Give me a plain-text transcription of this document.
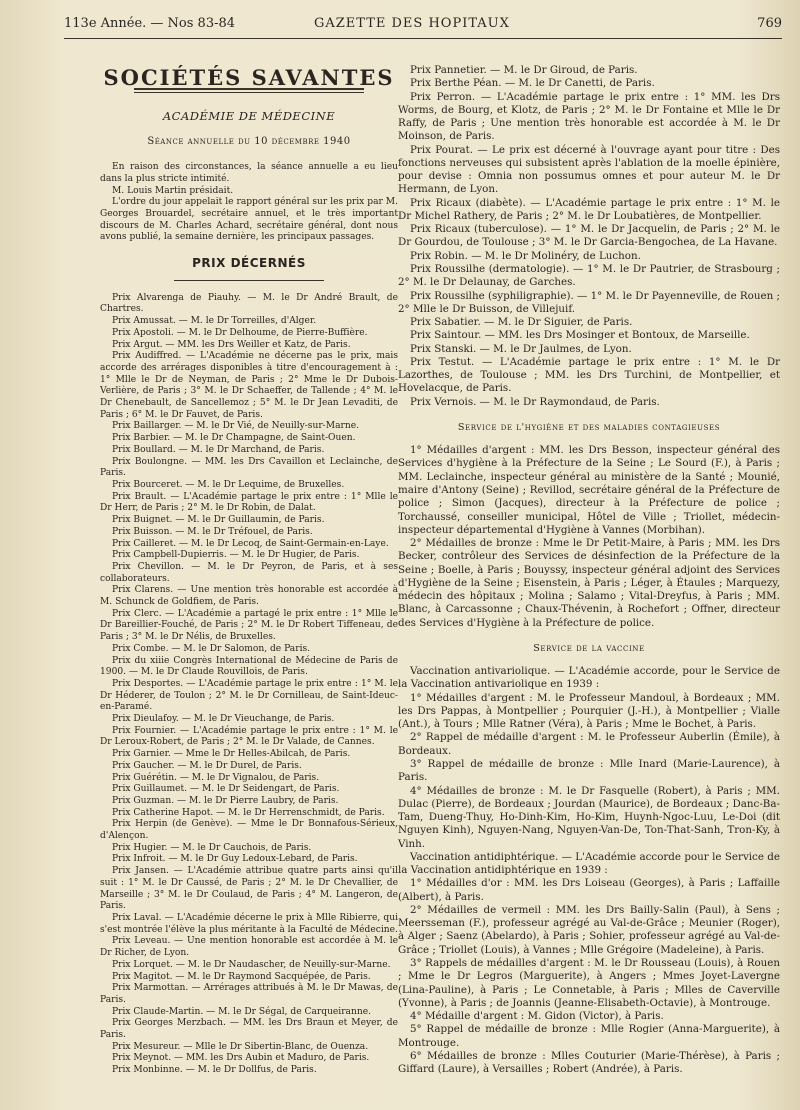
113e Année. — Nos 83-84	GAZETTE DES HOPITAUX	769
SOCIÉTÉS SAVANTES
ACADÉMIE DE MÉDECINE
Séance annuelle du 10 décembre 1940

En raison des circonstances, la séance annuelle a eu lieu dans la plus stricte intimité.

M. Louis Martin présidait.

L'ordre du jour appelait le rapport général sur les prix par M. Georges Brouardel, secrétaire annuel, et le très important discours de M. Charles Achard, secrétaire général, dont nous avons publié, la semaine dernière, les principaux passages.

PRIX DÉCERNÉS

Prix Alvarenga de Piauhy. — M. le Dr André Brault, de Chartres.

Prix Amussat. — M. le Dr Torreilles, d'Alger.

Prix Apostoli. — M. le Dr Delhoume, de Pierre-Buffière.

Prix Argut. — MM. les Drs Weiller et Katz, de Paris.

Prix Audiffred. — L'Académie ne décerne pas le prix, mais accorde des arrérages disponibles à titre d'encouragement à : 1° Mlle le Dr de Neyman, de Paris ; 2° Mme le Dr Dubois-Verlière, de Paris ; 3° M. le Dr Schaeffer, de Tallende ; 4° M. le Dr Chenebault, de Sancellemoz ; 5° M. le Dr Jean Levaditi, de Paris ; 6° M. le Dr Fauvet, de Paris.

Prix Baillarger. — M. le Dr Vié, de Neuilly-sur-Marne.

Prix Barbier. — M. le Dr Champagne, de Saint-Ouen.

Prix Boullard. — M. le Dr Marchand, de Paris.

Prix Boulongne. — MM. les Drs Cavaillon et Leclainche, de Paris.

Prix Bourceret. — M. le Dr Lequime, de Bruxelles.

Prix Brault. — L'Académie partage le prix entre : 1° Mlle le Dr Herr, de Paris ; 2° M. le Dr Robin, de Dalat.

Prix Buignet. — M. le Dr Guillaumin, de Paris.

Prix Buisson. — M. le Dr Tréfouel, de Paris.

Prix Cailleret. — M. le Dr Lecoq, de Saint-Germain-en-Laye.

Prix Campbell-Dupierris. — M. le Dr Hugier, de Paris.

Prix Chevillon. — M. le Dr Peyron, de Paris, et à ses collaborateurs.

Prix Clarens. — Une mention très honorable est accordée à M. Schunck de Goldfiem, de Paris.

Prix Clerc. — L'Académie a partagé le prix entre : 1° Mlle le Dr Bareillier-Fouché, de Paris ; 2° M. le Dr Robert Tiffeneau, de Paris ; 3° M. le Dr Nélis, de Bruxelles.

Prix Combe. — M. le Dr Salomon, de Paris.

Prix du xiiie Congrès International de Médecine de Paris de 1900. — M. le Dr Claude Rouvillois, de Paris.

Prix Desportes. — L'Académie partage le prix entre : 1° M. le Dr Héderer, de Toulon ; 2° M. le Dr Cornilleau, de Saint-Ideuc-en-Paramé.

Prix Dieulafoy. — M. le Dr Vieuchange, de Paris.

Prix Fournier. — L'Académie partage le prix entre : 1° M. le Dr Leroux-Robert, de Paris ; 2° M. le Dr Valade, de Cannes.

Prix Garnier. — Mme le Dr Helles-Abilcah, de Paris.

Prix Gaucher. — M. le Dr Durel, de Paris.

Prix Guérétin. — M. le Dr Vignalou, de Paris.

Prix Guillaumet. — M. le Dr Seidengart, de Paris.

Prix Guzman. — M. le Dr Pierre Laubry, de Paris.

Prix Catherine Hapot. — M. le Dr Herrenschmidt, de Paris.

Prix Herpin (de Genève). — Mme le Dr Bonnafous-Sérieux, d'Alençon.

Prix Hugier. — M. le Dr Cauchois, de Paris.

Prix Infroit. — M. le Dr Guy Ledoux-Lebard, de Paris.

Prix Jansen. — L'Académie attribue quatre parts ainsi qu'il suit : 1° M. le Dr Caussé, de Paris ; 2° M. le Dr Chevallier, de Marseille ; 3° M. le Dr Coulaud, de Paris ; 4° M. Langeron, de Paris.

Prix Laval. — L'Académie décerne le prix à Mlle Ribierre, qui s'est montrée l'élève la plus méritante à la Faculté de Médecine.

Prix Leveau. — Une mention honorable est accordée à M. le Dr Richer, de Lyon.

Prix Lorquet. — M. le Dr Naudascher, de Neuilly-sur-Marne.

Prix Magitot. — M. le Dr Raymond Sacquépée, de Paris.

Prix Marmottan. — Arrérages attribués à M. le Dr Mawas, de Paris.

Prix Claude-Martin. — M. le Dr Ségal, de Carqueiranne.

Prix Georges Merzbach. — MM. les Drs Braun et Meyer, de Paris.

Prix Mesureur. — Mlle le Dr Sibertin-Blanc, de Ouenza.

Prix Meynot. — MM. les Drs Aubin et Maduro, de Paris.

Prix Monbinne. — M. le Dr Dollfus, de Paris.

Prix Pannetier. — M. le Dr Giroud, de Paris.

Prix Berthe Péan. — M. le Dr Canetti, de Paris.

Prix Perron. — L'Académie partage le prix entre : 1° MM. les Drs Worms, de Bourg, et Klotz, de Paris ; 2° M. le Dr Fontaine et Mlle le Dr Raffy, de Paris ; Une mention très honorable est accordée à M. le Dr Moinson, de Paris.

Prix Pourat. — Le prix est décerné à l'ouvrage ayant pour titre : Des fonctions nerveuses qui subsistent après l'ablation de la moelle épinière, pour devise : Omnia non possumus omnes et pour auteur M. le Dr Hermann, de Lyon.

Prix Ricaux (diabète). — L'Académie partage le prix entre : 1° M. le Dr Michel Rathery, de Paris ; 2° M. le Dr Loubatières, de Montpellier.

Prix Ricaux (tuberculose). — 1° M. le Dr Jacquelin, de Paris ; 2° M. le Dr Gourdou, de Toulouse ; 3° M. le Dr Garcia-Bengochea, de La Havane.

Prix Robin. — M. le Dr Molinéry, de Luchon.

Prix Roussilhe (dermatologie). — 1° M. le Dr Pautrier, de Strasbourg ; 2° M. le Dr Delaunay, de Garches.

Prix Roussilhe (syphiligraphie). — 1° M. le Dr Payenneville, de Rouen ; 2° Mlle le Dr Buisson, de Villejuif.

Prix Sabatier. — M. le Dr Siguier, de Paris.

Prix Saintour. — MM. les Drs Mosinger et Bontoux, de Marseille.

Prix Stanski. — M. le Dr Jaulmes, de Lyon.

Prix Testut. — L'Académie partage le prix entre : 1° M. le Dr Lazorthes, de Toulouse ; MM. les Drs Turchini, de Montpellier, et Hovelacque, de Paris.

Prix Vernois. — M. le Dr Raymondaud, de Paris.

Service de l'hygiène et des maladies contagieuses

1° Médailles d'argent : MM. les Drs Besson, inspecteur général des Services d'hygiène à la Préfecture de la Seine ; Le Sourd (F.), à Paris ; MM. Leclainche, inspecteur général au ministère de la Santé ; Mounié, maire d'Antony (Seine) ; Revillod, secrétaire général de la Préfecture de police ; Simon (Jacques), directeur à la Préfecture de police ; Torchaussé, conseiller municipal, Hôtel de Ville ; Triollet, médecin-inspecteur départemental d'Hygiène à Vannes (Morbihan).

2° Médailles de bronze : Mme le Dr Petit-Maire, à Paris ; MM. les Drs Becker, contrôleur des Services de désinfection de la Préfecture de la Seine ; Boelle, à Paris ; Bouyssy, inspecteur général adjoint des Services d'Hygiène de la Seine ; Eisenstein, à Paris ; Léger, à Étaules ; Marquezy, médecin des hôpitaux ; Molina ; Salamo ; Vital-Dreyfus, à Paris ; MM. Blanc, à Carcassonne ; Chaux-Thévenin, à Rochefort ; Offner, directeur des Services d'Hygiène à la Préfecture de police.

Service de la vaccine

Vaccination antivariolique. — L'Académie accorde, pour le Service de la Vaccination antivariolique en 1939 :

1° Médailles d'argent : M. le Professeur Mandoul, à Bordeaux ; MM. les Drs Pappas, à Montpellier ; Pourquier (J.-H.), à Montpellier ; Vialle (Ant.), à Tours ; Mlle Ratner (Véra), à Paris ; Mme le Bochet, à Paris.

2° Rappel de médaille d'argent : M. le Professeur Auberlin (Émile), à Bordeaux.

3° Rappel de médaille de bronze : Mlle Inard (Marie-Laurence), à Paris.

4° Médailles de bronze : M. le Dr Fasquelle (Robert), à Paris ; MM. Dulac (Pierre), de Bordeaux ; Jourdan (Maurice), de Bordeaux ; Danc-Ba-Tam, Dueng-Thuy, Ho-Dinh-Kim, Ho-Kim, Huynh-Ngoc-Luu, Le-Doi (dit Nguyen Kinh), Nguyen-Nang, Nguyen-Van-De, Ton-That-Sanh, Tron-Ky, à Vinh.

Vaccination antidiphtérique. — L'Académie accorde pour le Service de la Vaccination antidiphtérique en 1939 :

1° Médailles d'or : MM. les Drs Loiseau (Georges), à Paris ; Laffaille (Albert), à Paris.

2° Médailles de vermeil : MM. les Drs Bailly-Salin (Paul), à Sens ; Meersseman (F.), professeur agrégé au Val-de-Grâce ; Meunier (Roger), à Alger ; Saenz (Abelardo), à Paris ; Sohier, professeur agrégé au Val-de-Grâce ; Triollet (Louis), à Vannes ; Mlle Grégoire (Madeleine), à Paris.

3° Rappels de médailles d'argent : M. le Dr Rousseau (Louis), à Rouen ; Mme le Dr Legros (Marguerite), à Angers ; Mmes Joyet-Lavergne (Lina-Pauline), à Paris ; Le Connetable, à Paris ; Mlles de Caverville (Yvonne), à Paris ; de Joannis (Jeanne-Elisabeth-Octavie), à Montrouge.

4° Médaille d'argent : M. Gidon (Victor), à Paris.

5° Rappel de médaille de bronze : Mlle Rogier (Anna-Marguerite), à Montrouge.

6° Médailles de bronze : Mlles Couturier (Marie-Thérèse), à Paris ; Giffard (Laure), à Versailles ; Robert (Andrée), à Paris.
